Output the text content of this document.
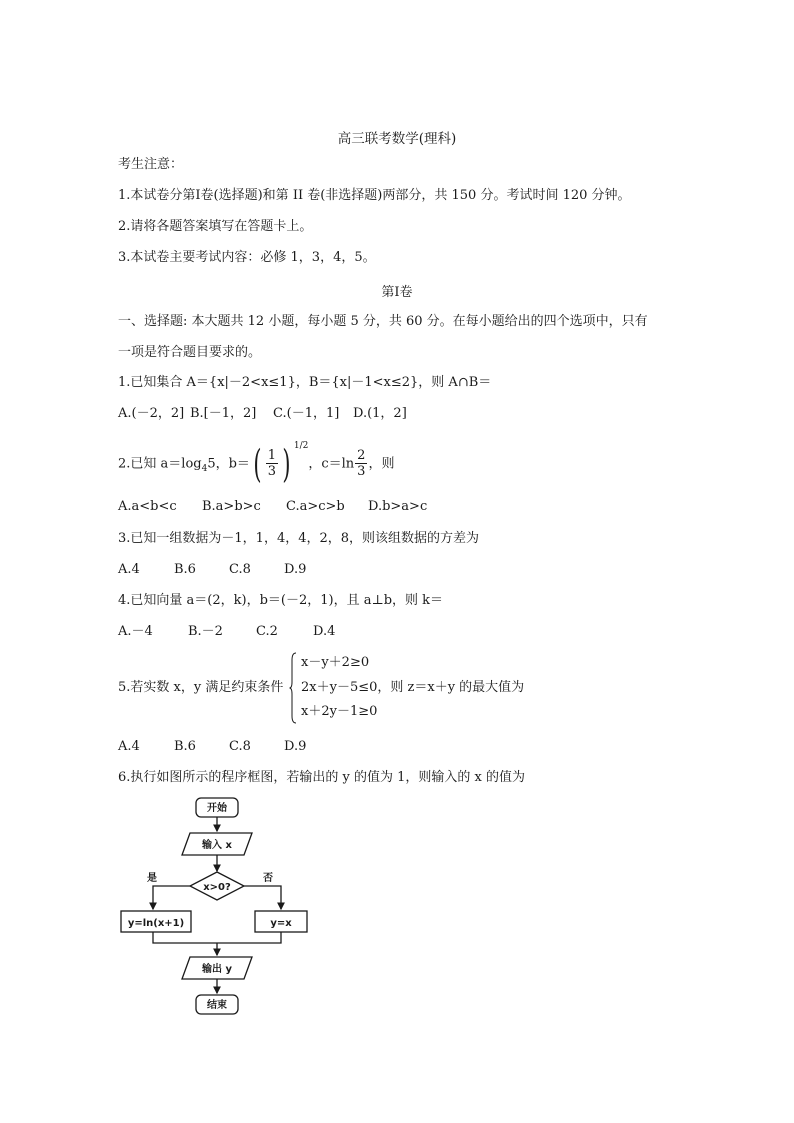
高三联考数学(理科)
考生注意：
1.本试卷分第Ⅰ卷(选择题)和第 II 卷(非选择题)两部分，共 150 分。考试时间 120 分钟。
2.请将各题答案填写在答题卡上。
3.本试卷主要考试内容：必修 1，3，4，5。
第Ⅰ卷
一、选择题: 本大题共 12 小题，每小题 5 分，共 60 分。在每小题给出的四个选项中，只有
一项是符合题目要求的。
1.已知集合 A＝{x|－2<x≤1}，B＝{x|－1<x≤2}，则 A∩B＝
A.(－2，2] B.[－1，2] C.(－1，1] D.(1，2]
2.已知 $a=\log_45$，$b=( \frac{1}{3}$ ) $^{1/2}$，$c=\ln \frac{2}{3}$ ，则
A.a<b<c B.a>b>c C.a>c>b D.b>a>c
3.已知一组数据为－1，1，4，4，2，8，则该组数据的方差为
A.4	B.6	C.8	D.9
4.已知向量 a＝(2，k)，b＝(－2，1)，且 a⊥b，则 k＝
A.－4	B.－2	C.2	D.4
5.若实数 x，y 满足约束条件
x－y＋2≥0
2x＋y－5≤0，则 z＝x＋y 的最大值为
x＋2y－1≥0
A.4	B.6	C.8	D.9
6.执行如图所示的程序框图，若输出的 y 的值为 1，则输入的 x 的值为
开始
输入 x
x>0?
是	否
y=ln(x+1)	y=x
输出 y
结束
